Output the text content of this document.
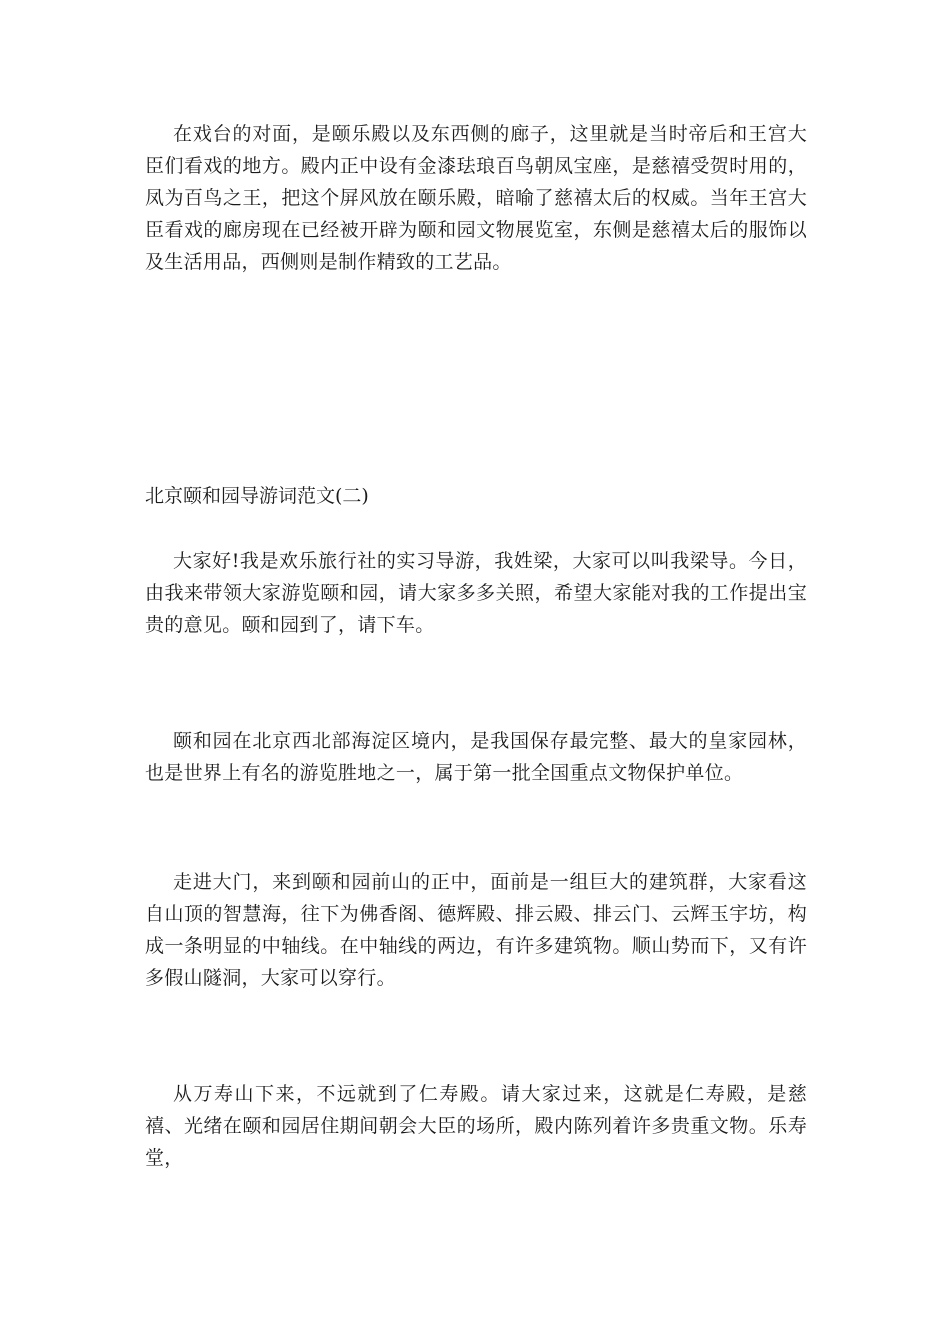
在戏台的对面，是颐乐殿以及东西侧的廊子，这里就是当时帝后和王宫大臣们看戏的地方。殿内正中设有金漆珐琅百鸟朝凤宝座，是慈禧受贺时用的，凤为百鸟之王，把这个屏风放在颐乐殿，暗喻了慈禧太后的权威。当年王宫大臣看戏的廊房现在已经被开辟为颐和园文物展览室，东侧是慈禧太后的服饰以及生活用品，西侧则是制作精致的工艺品。

北京颐和园导游词范文(二)

大家好!我是欢乐旅行社的实习导游，我姓梁，大家可以叫我梁导。今日，由我来带领大家游览颐和园，请大家多多关照，希望大家能对我的工作提出宝贵的意见。颐和园到了，请下车。

颐和园在北京西北部海淀区境内，是我国保存最完整、最大的皇家园林，也是世界上有名的游览胜地之一，属于第一批全国重点文物保护单位。

走进大门，来到颐和园前山的正中，面前是一组巨大的建筑群，大家看这自山顶的智慧海，往下为佛香阁、德辉殿、排云殿、排云门、云辉玉宇坊，构成一条明显的中轴线。在中轴线的两边，有许多建筑物。顺山势而下，又有许多假山隧洞，大家可以穿行。

从万寿山下来，不远就到了仁寿殿。请大家过来，这就是仁寿殿，是慈禧、光绪在颐和园居住期间朝会大臣的场所，殿内陈列着许多贵重文物。乐寿堂，
